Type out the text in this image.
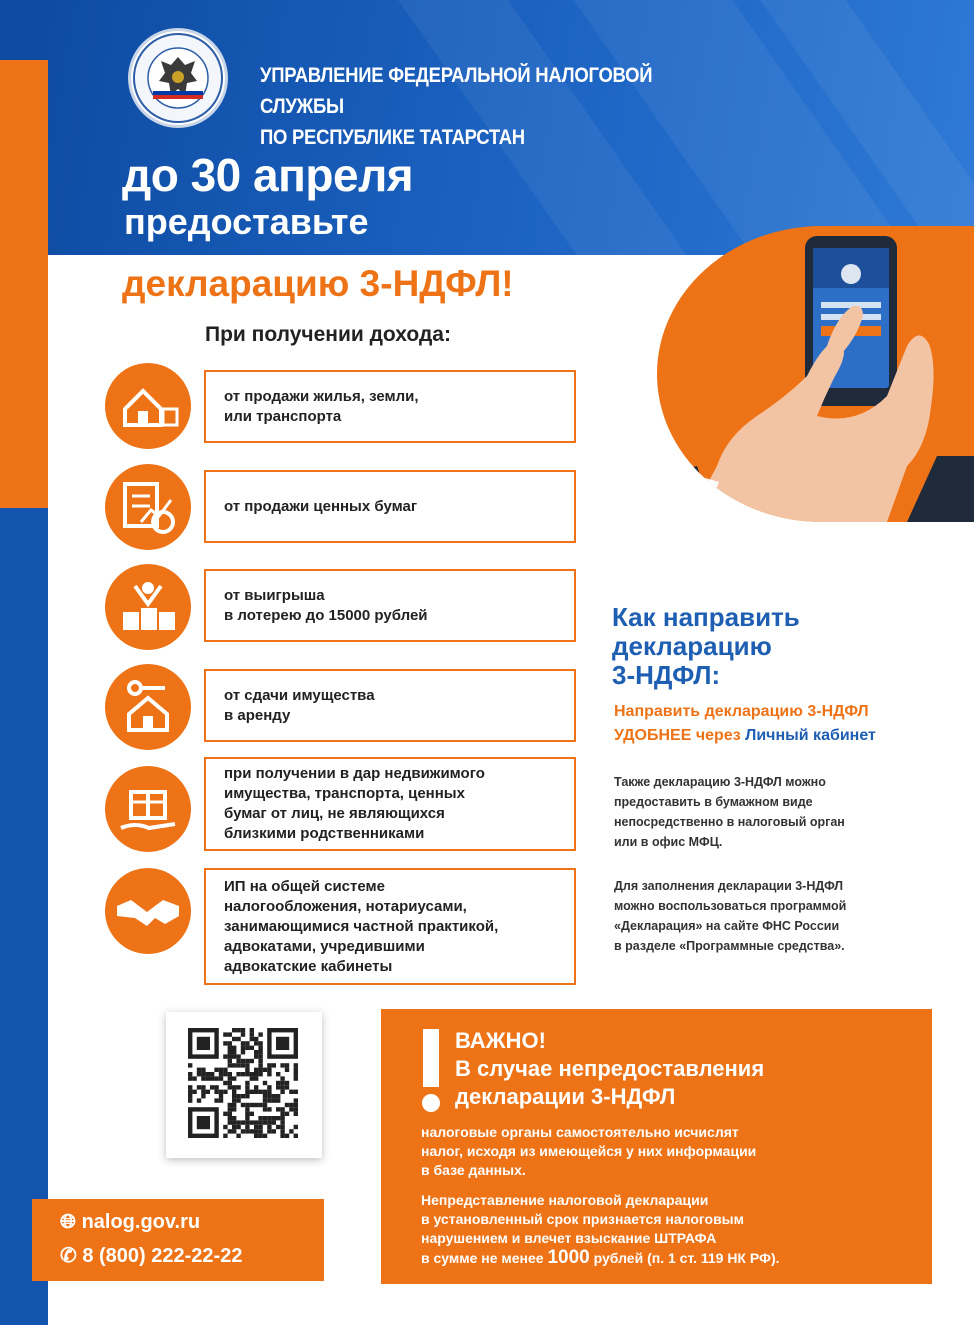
УПРАВЛЕНИЕ ФЕДЕРАЛЬНОЙ НАЛОГОВОЙ СЛУЖБЫ
ПО РЕСПУБЛИКЕ ТАТАРСТАН
до 30 апреля
предоставьте
декларацию 3-НДФЛ!
При получении дохода:
от продажи жилья, земли,
или транспорта
от продажи ценных бумаг
от выигрыша
в лотерею до 15000 рублей
от сдачи имущества
в аренду
при получении в дар недвижимого
имущества, транспорта, ценных
бумаг от лиц, не являющихся
близкими родственниками
ИП на общей системе
налогообложения, нотариусами,
занимающимися частной практикой,
адвокатами, учредившими
адвокатские кабинеты
Как направить
декларацию
3-НДФЛ:
Направить декларацию 3-НДФЛ
УДОБНЕЕ через Личный кабинет
Также декларацию 3-НДФЛ можно
предоставить в бумажном виде
непосредственно в налоговый орган
или в офис МФЦ.
Для заполнения декларации 3-НДФЛ
можно воспользоваться программой
«Декларация» на сайте ФНС России
в разделе «Программные средства».
🌐︎ nalog.gov.ru
✆ 8 (800) 222-22-22
ВАЖНО!
В случае непредоставления
декларации 3-НДФЛ
налоговые органы самостоятельно исчислят
налог, исходя из имеющейся у них информации
в базе данных.
Непредставление налоговой декларации
в установленный срок признается налоговым
нарушением и влечет взыскание ШТРАФА
в сумме не менее 1000 рублей (п. 1 ст. 119 НК РФ).
